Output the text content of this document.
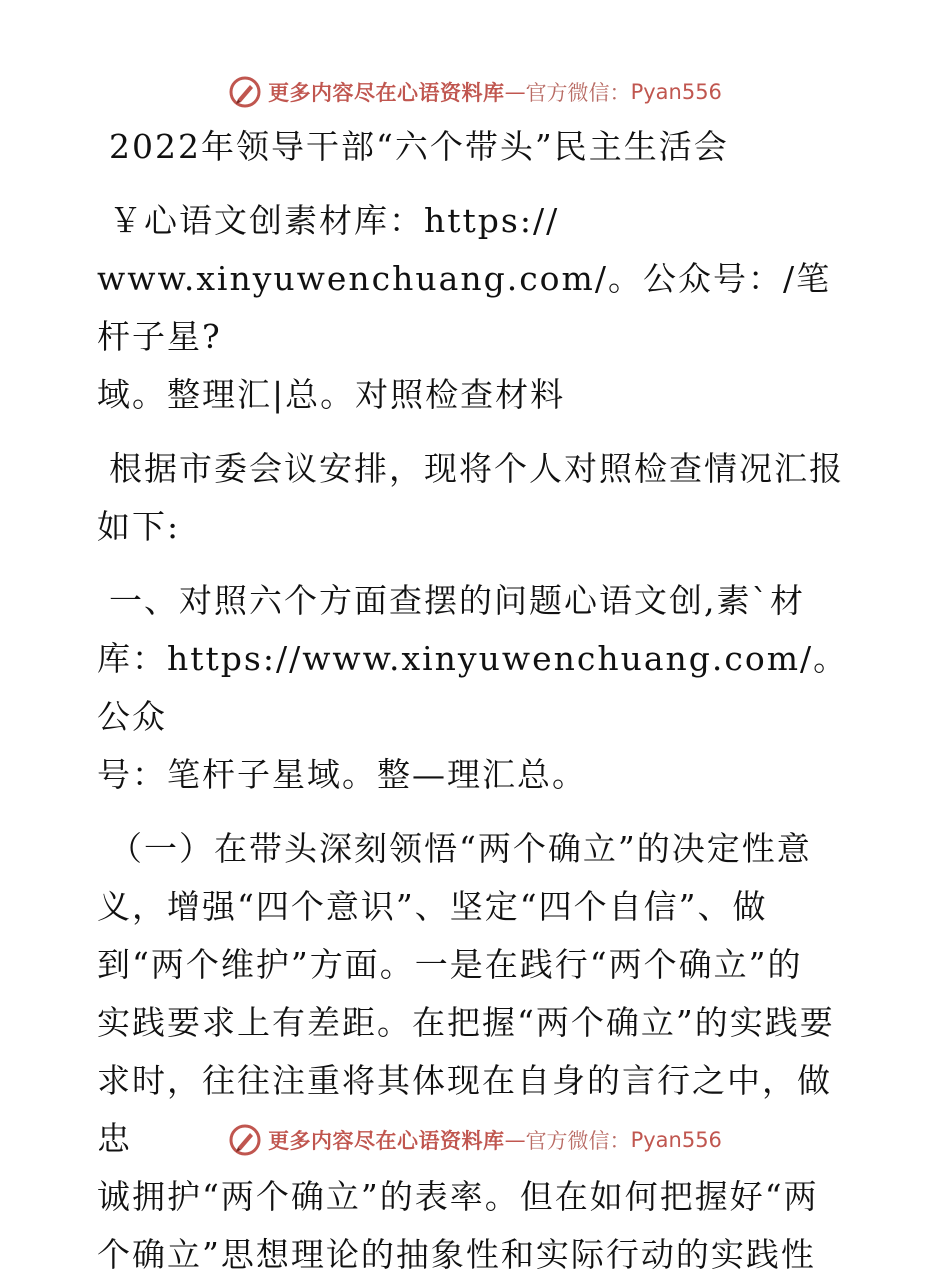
更多内容尽在心语资料库 — 官方微信： Pyan556

2022年领导干部“六个带头”民主生活会

￥心语文创素材库：https://

www.xinyuwenchuang.com/。公众号：/笔杆子星?

域。整理汇|总。对照检查材料

根据市委会议安排，现将个人对照检查情况汇报

如下:

一、对照六个方面查摆的问题心语文创,素`材

库：https://www.xinyuwenchuang.com/。公众

号：笔杆子星域。整—理汇总。

（一）在带头深刻领悟“两个确立”的决定性意

义，增强“四个意识”、坚定“四个自信”、做

到“两个维护”方面。一是在践行“两个确立”的

实践要求上有差距。在把握“两个确立”的实践要

求时，往往注重将其体现在自身的言行之中，做忠

诚拥护“两个确立”的表率。但在如何把握好“两

个确立”思想理论的抽象性和实际行动的实践性

更多内容尽在心语资料库 — 官方微信： Pyan556
